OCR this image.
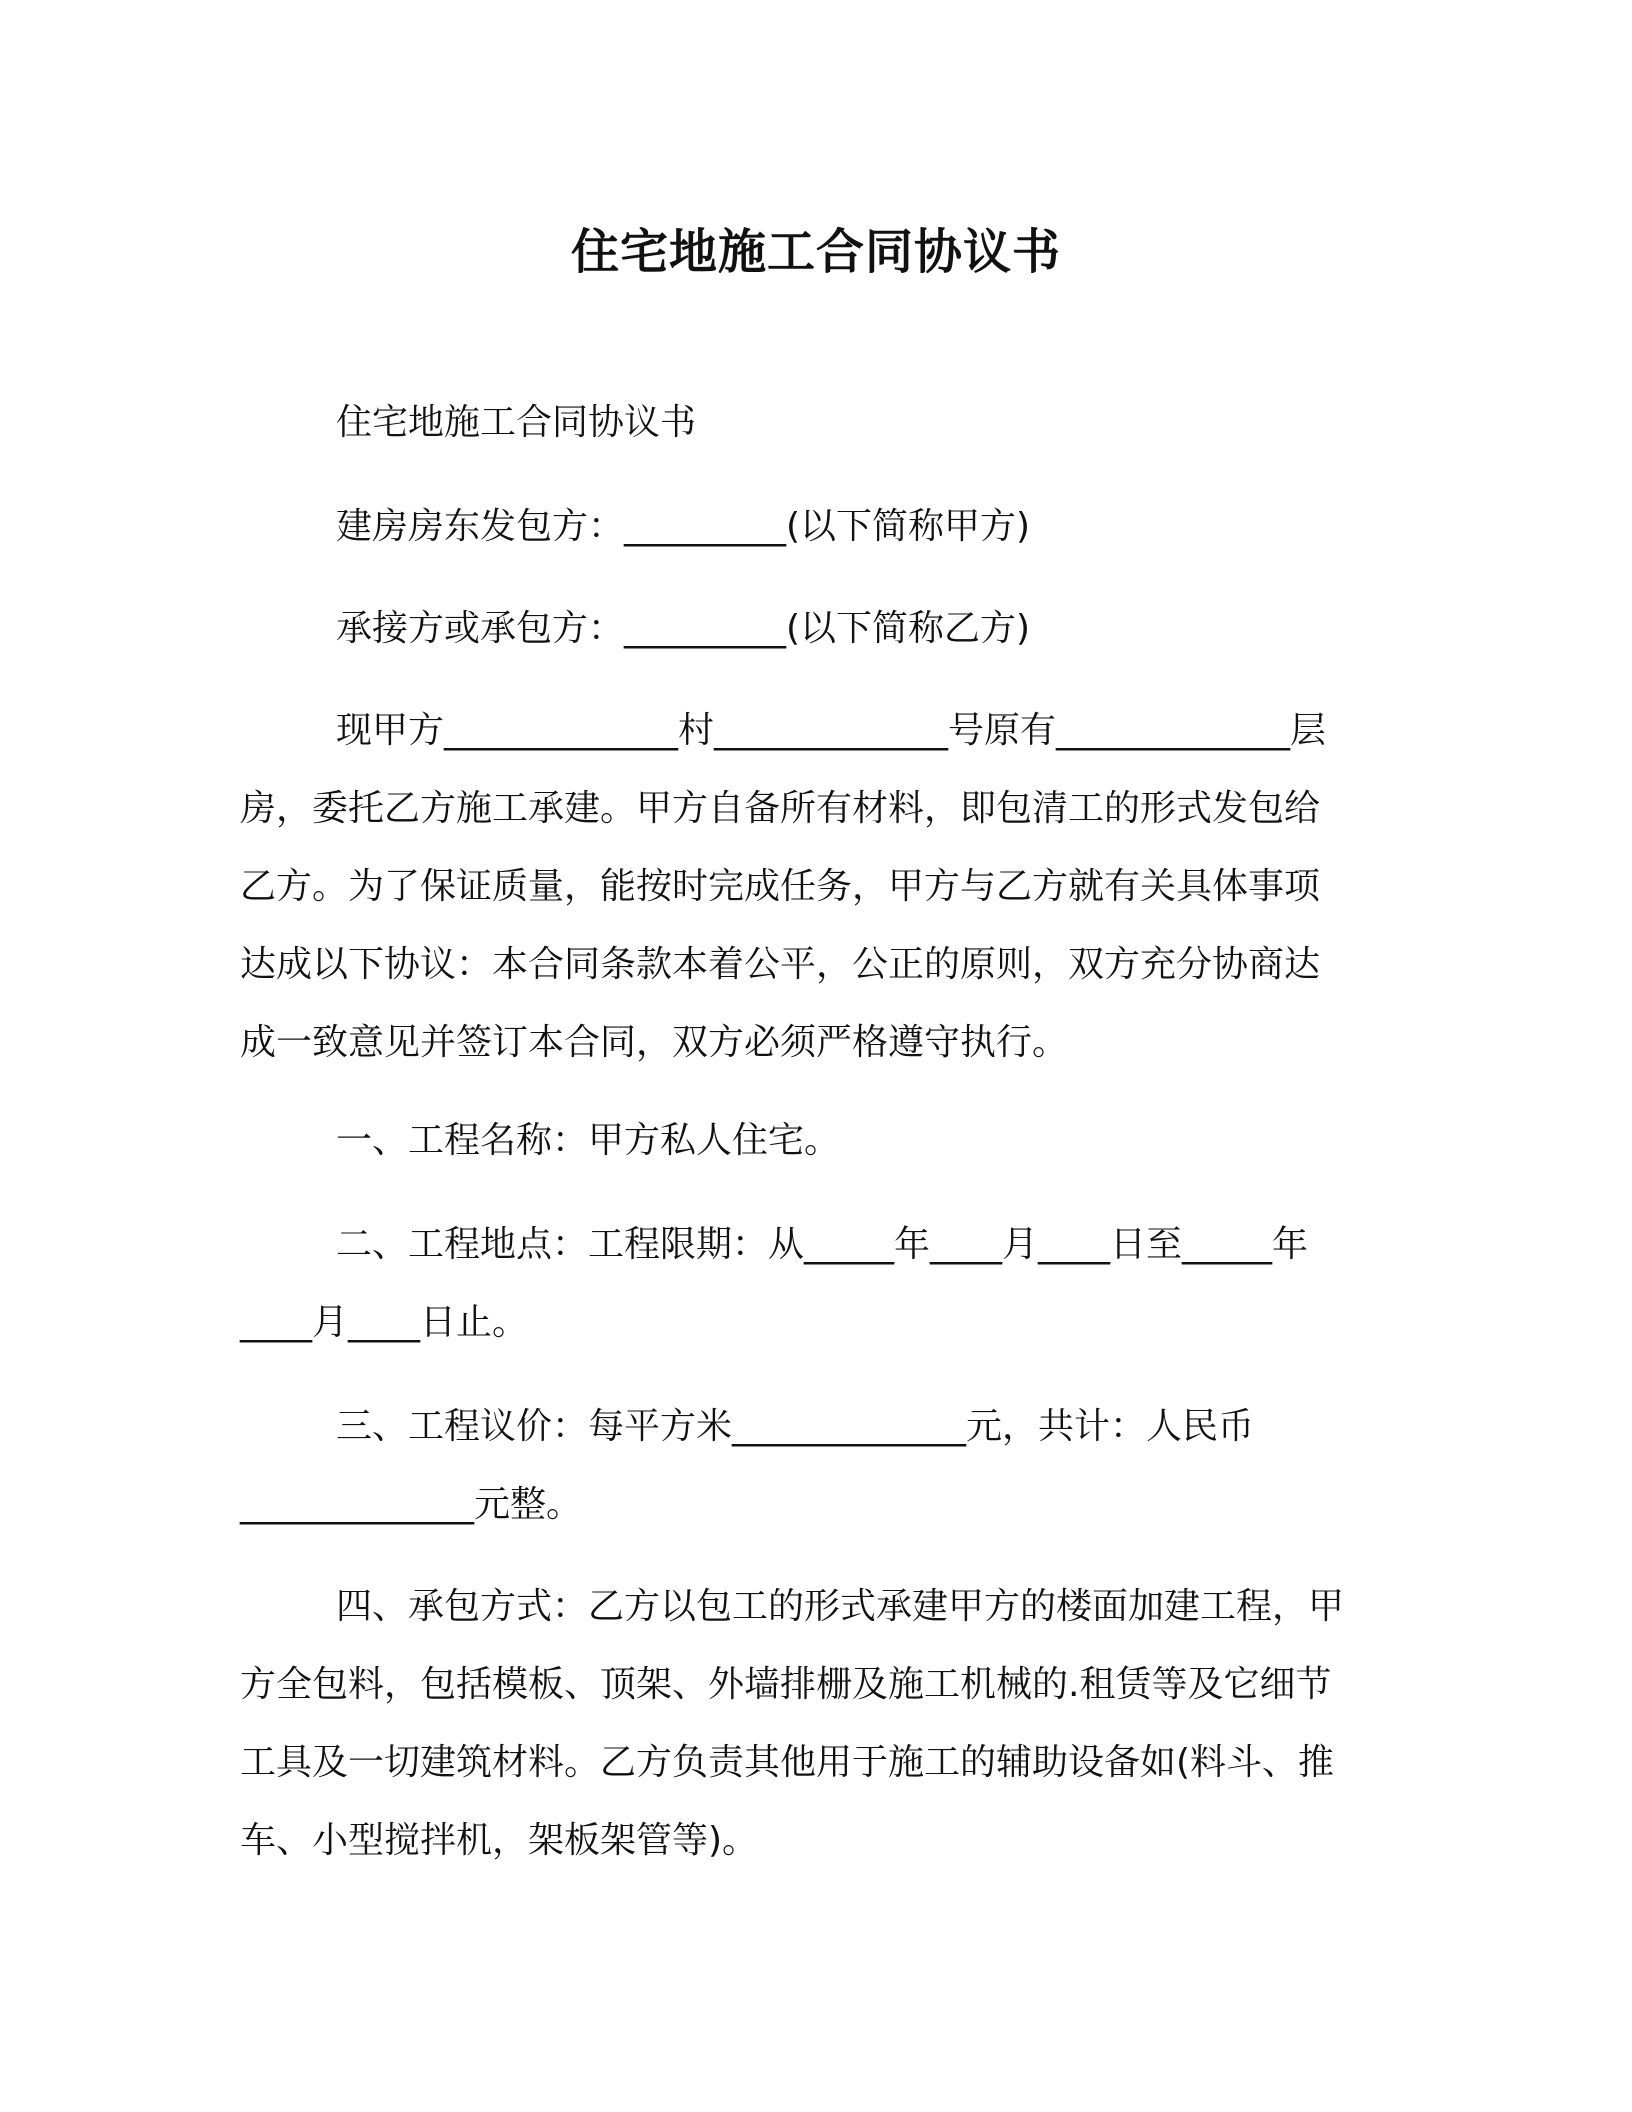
住宅地施工合同协议书

住宅地施工合同协议书

建房房东发包方：_________(以下简称甲方)

承接方或承包方：_________(以下简称乙方)

现甲方_____________村_____________号原有_____________层

房，委托乙方施工承建。甲方自备所有材料，即包清工的形式发包给

乙方。为了保证质量，能按时完成任务，甲方与乙方就有关具体事项

达成以下协议：本合同条款本着公平，公正的原则，双方充分协商达

成一致意见并签订本合同，双方必须严格遵守执行。

一、工程名称：甲方私人住宅。

二、工程地点：工程限期：从_____年____月____日至_____年

____月____日止。

三、工程议价：每平方米_____________元，共计：人民币

_____________元整。

四、承包方式：乙方以包工的形式承建甲方的楼面加建工程，甲

方全包料，包括模板、顶架、外墙排栅及施工机械的.租赁等及它细节

工具及一切建筑材料。乙方负责其他用于施工的辅助设备如(料斗、推

车、小型搅拌机，架板架管等)。
